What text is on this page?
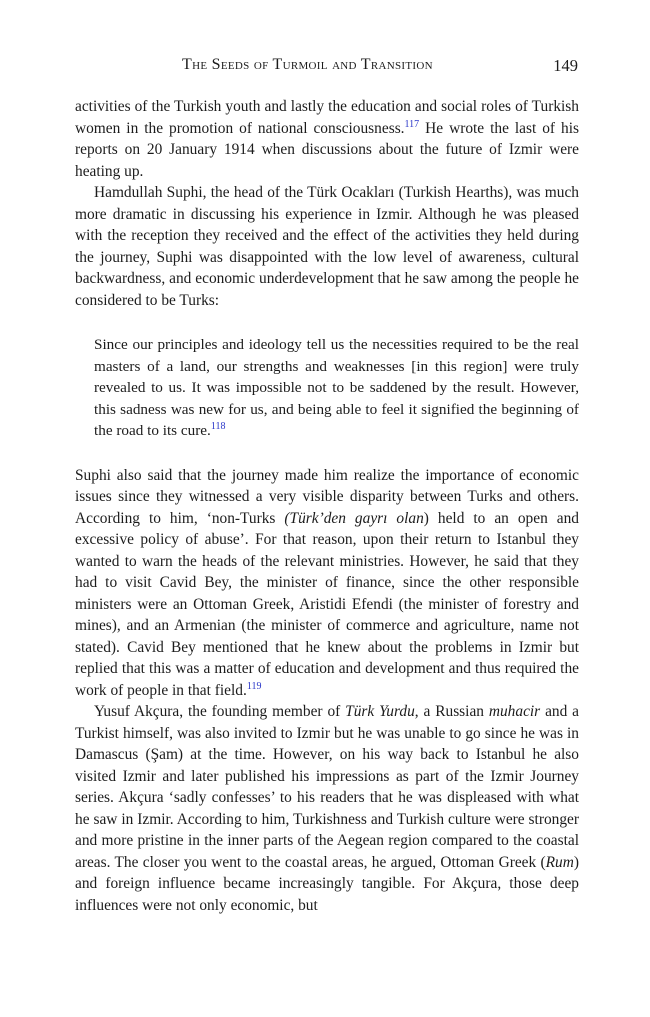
The Seeds of Turmoil and Transition	149

activities of the Turkish youth and lastly the education and social roles of Turkish women in the promotion of national consciousness.$^{117}$ He wrote the last of his reports on 20 January 1914 when discussions about the future of Izmir were heating up.

Hamdullah Suphi, the head of the Türk Ocakları (Turkish Hearths), was much more dramatic in discussing his experience in Izmir. Although he was pleased with the reception they received and the effect of the activities they held during the journey, Suphi was disappointed with the low level of awareness, cultural backwardness, and economic underdevelopment that he saw among the people he considered to be Turks:

Since our principles and ideology tell us the necessities required to be the real masters of a land, our strengths and weaknesses [in this region] were truly revealed to us. It was impossible not to be saddened by the result. However, this sadness was new for us, and being able to feel it signified the beginning of the road to its cure.$^{118}$

Suphi also said that the journey made him realize the importance of economic issues since they witnessed a very visible disparity between Turks and others. According to him, ‘non-Turks (Türk’den gayrı olan) held to an open and excessive policy of abuse’. For that reason, upon their return to Istanbul they wanted to warn the heads of the relevant ministries. However, he said that they had to visit Cavid Bey, the minister of finance, since the other responsible ministers were an Ottoman Greek, Aristidi Efendi (the minister of forestry and mines), and an Armenian (the minister of commerce and agriculture, name not stated). Cavid Bey mentioned that he knew about the problems in Izmir but replied that this was a matter of education and development and thus required the work of people in that field.$^{119}$

Yusuf Akçura, the founding member of Türk Yurdu, a Russian muhacir and a Turkist himself, was also invited to Izmir but he was unable to go since he was in Damascus (Şam) at the time. However, on his way back to Istanbul he also visited Izmir and later published his impressions as part of the Izmir Journey series. Akçura ‘sadly confesses’ to his readers that he was displeased with what he saw in Izmir. According to him, Turkishness and Turkish culture were stronger and more pristine in the inner parts of the Aegean region compared to the coastal areas. The closer you went to the coastal areas, he argued, Ottoman Greek (Rum) and foreign influence became increasingly tangible. For Akçura, those deep influences were not only economic, but
